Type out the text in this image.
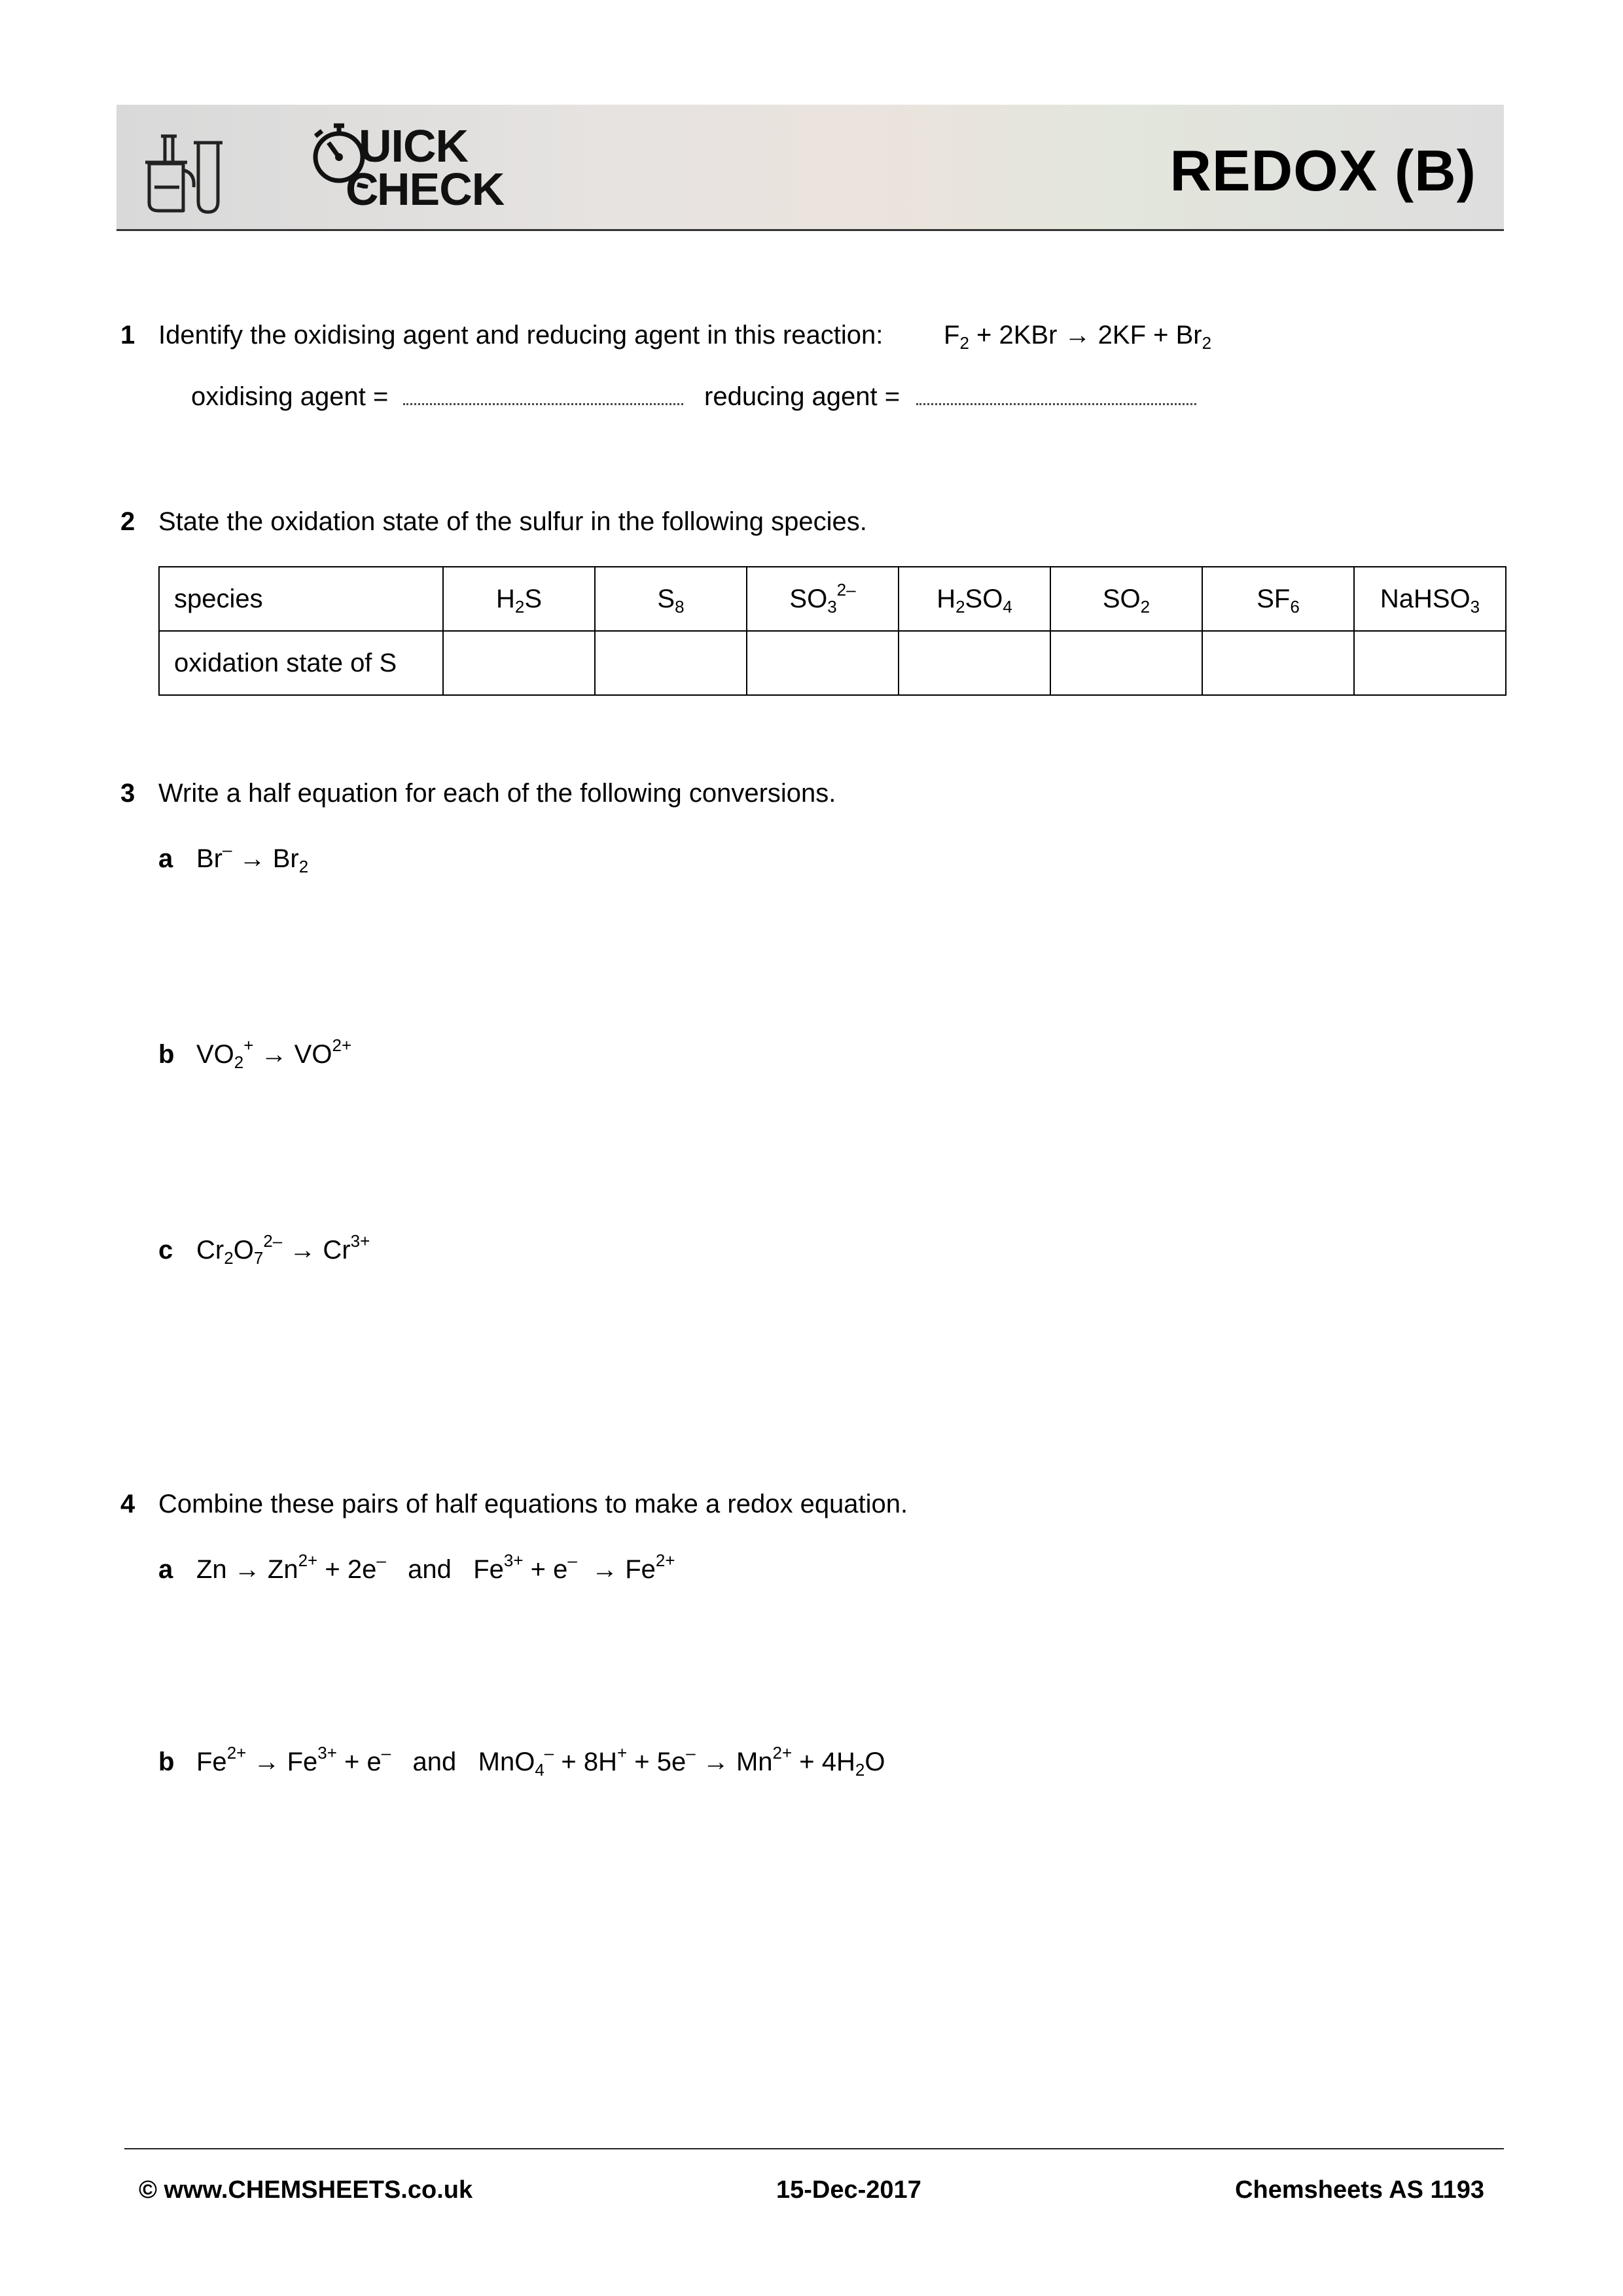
UICK
CHECK	REDOX (B)
1 Identify the oxidising agent and reducing agent in this reaction: $F_2 + 2KBr \to 2KF + Br_2$
oxidising agent =	reducing agent =
2 State the oxidation state of the sulfur in the following species.
species	$H_2S$	$S_8$	$SO_3^{2-}$	$H_2SO_4$	$SO_2$	$SF_6$	NaHSO$_3$
oxidation state of S							
3 Write a half equation for each of the following conversions.
a $Br^- \to Br_2$
b $VO_2^+ \to VO^{2+}$
c $Cr_2O_7^{2-} \to Cr^{3+}$
4 Combine these pairs of half equations to make a redox equation.
a $Zn \to Zn^{2+} + 2e^-$   and   $Fe^{3+} + e^- \to Fe^{2+}$
b $Fe^{2+} \to Fe^{3+} + e^-$   and   $MnO_4^- + 8H^+ + 5e^- \to Mn^{2+} + 4H_2O$
© www.CHEMSHEETS.co.uk	15-Dec-2017	Chemsheets AS 1193
